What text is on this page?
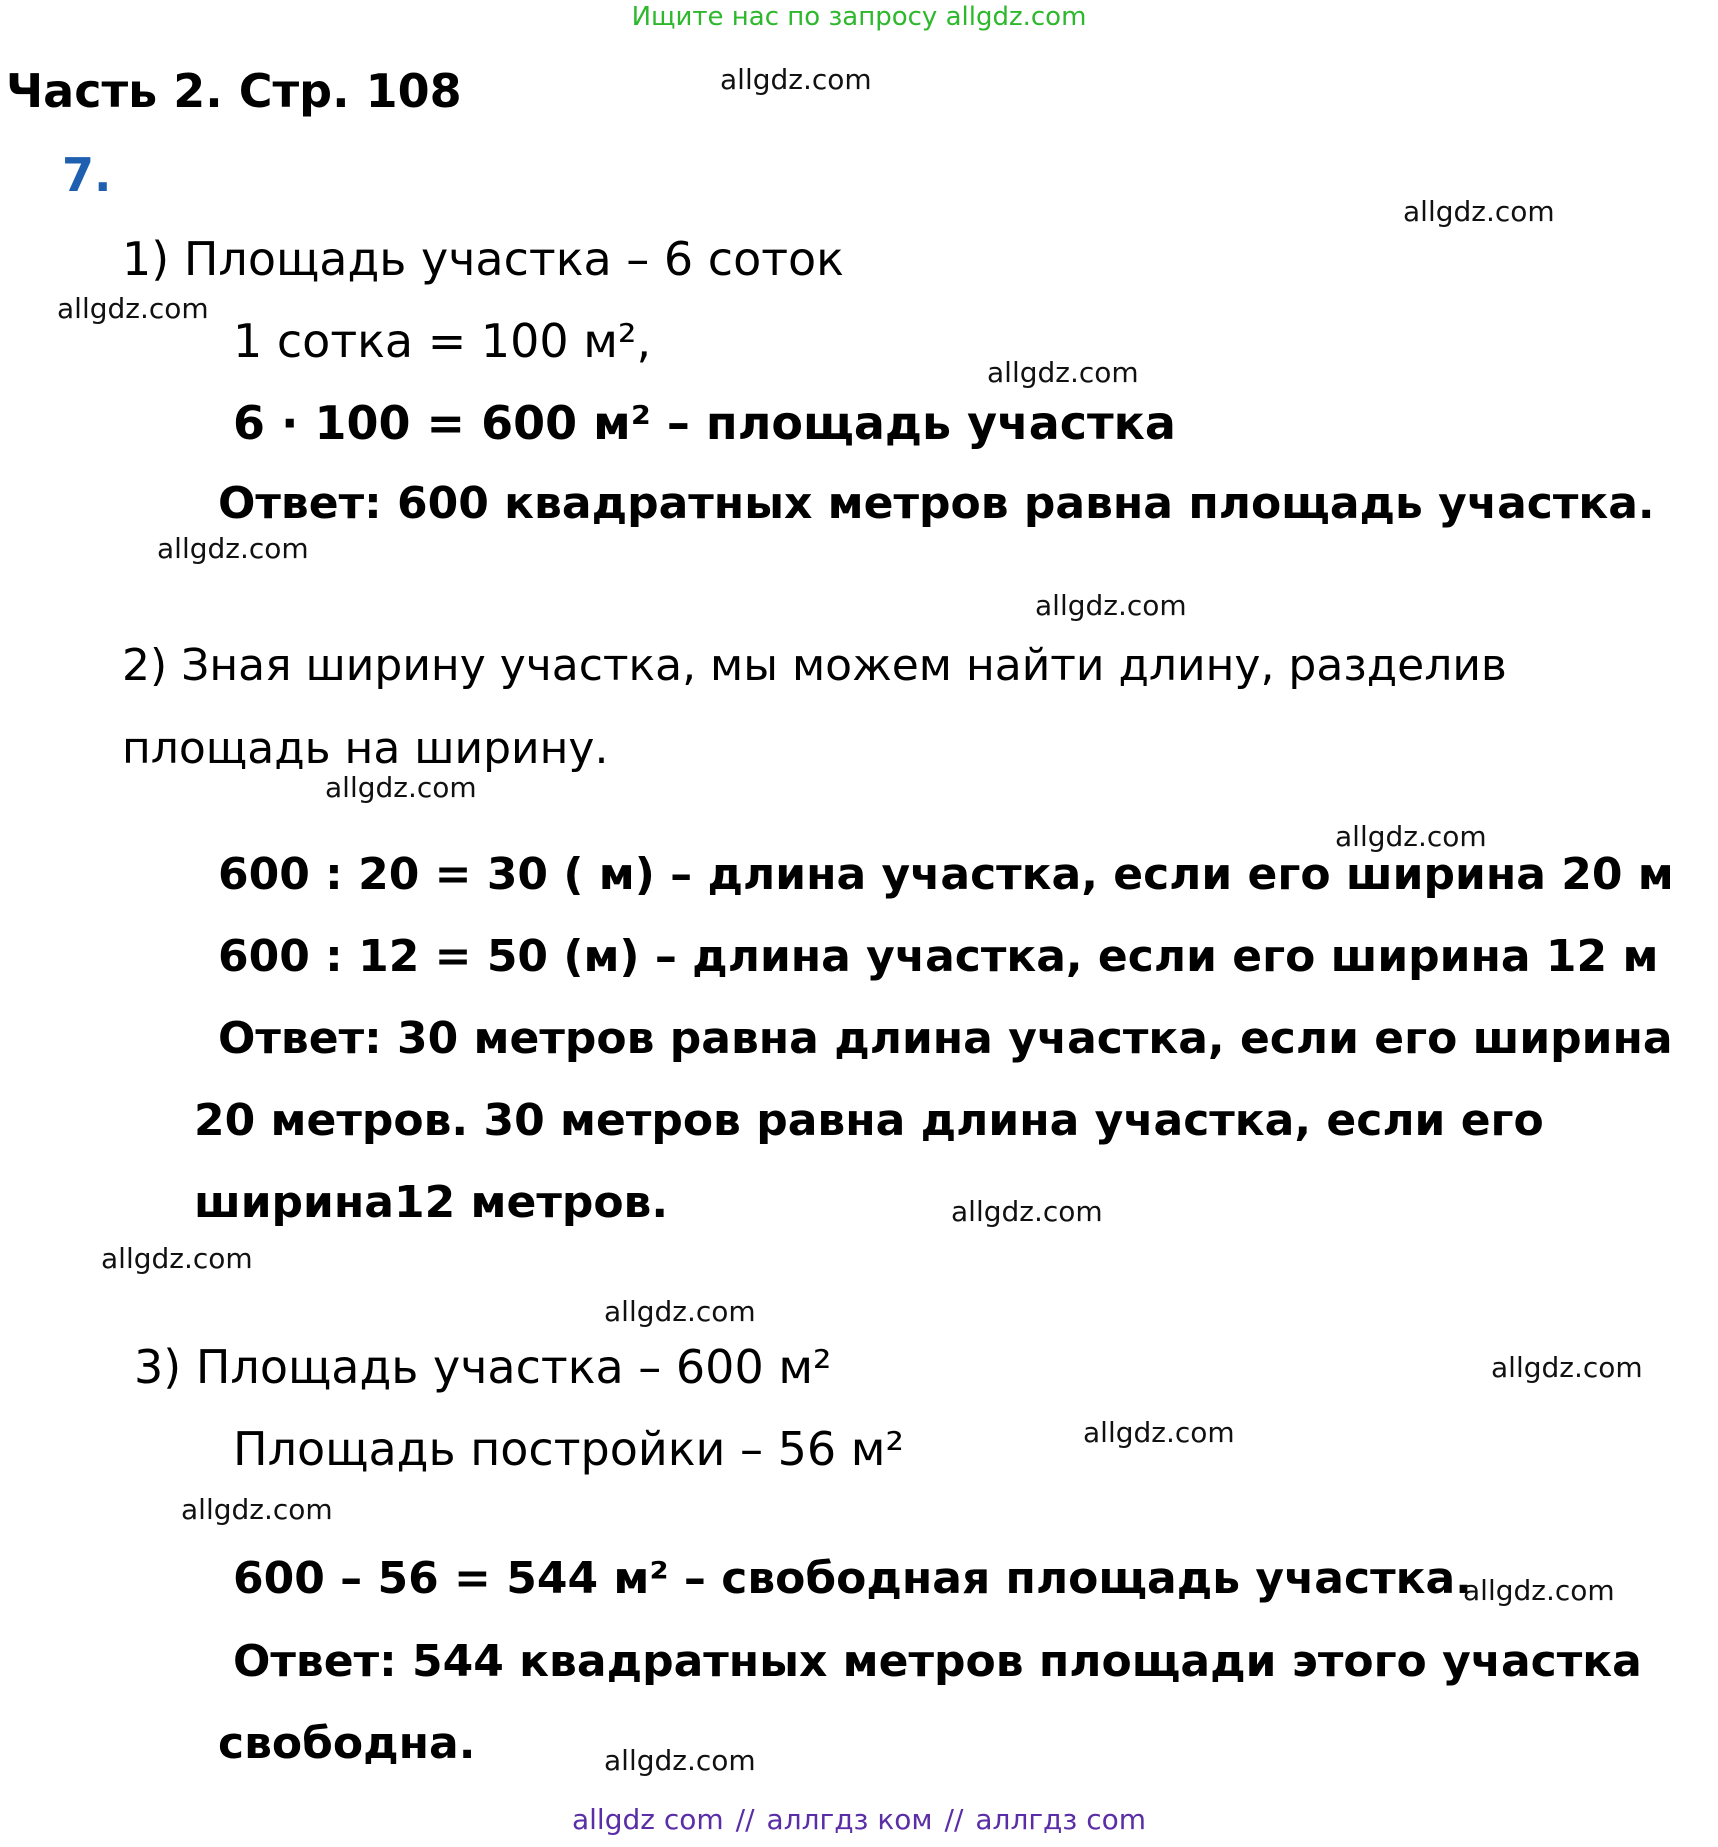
Ищите нас по запросу allgdz.com
Часть 2. Стр. 108
7.
1) Площадь участка – 6 соток
1 сотка = 100 м²,
6 · 100 = 600 м² – площадь участка
Ответ: 600 квадратных метров равна площадь участка.
2) Зная ширину участка, мы можем найти длину, разделив
площадь на ширину.
600 : 20 = 30 ( м) – длина участка, если его ширина 20 м
600 : 12 = 50 (м) – длина участка, если его ширина 12 м
Ответ: 30 метров равна длина участка, если его ширина
20 метров. 30 метров равна длина участка, если его
ширина12 метров.
3) Площадь участка – 600 м²
Площадь постройки – 56 м²
600 – 56 = 544 м² – свободная площадь участка.
Ответ: 544 квадратных метров площади этого участка
свободна.
allgdz.com
allgdz.com
allgdz.com
allgdz.com
allgdz.com
allgdz.com
allgdz.com
allgdz.com
allgdz.com
allgdz.com
allgdz.com
allgdz.com
allgdz.com
allgdz.com
allgdz.com
allgdz.com
allgdz com // аллгдз ком // аллгдз com
